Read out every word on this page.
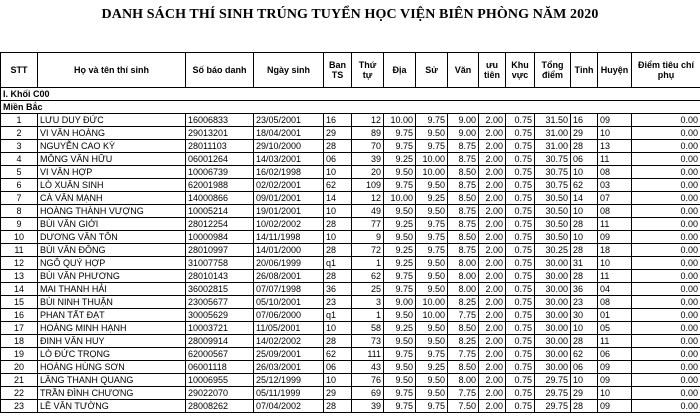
DANH SÁCH THÍ SINH TRÚNG TUYỂN HỌC VIỆN BIÊN PHÒNG NĂM 2020
STT	Họ và tên thí sinh	Số báo danh	Ngày sinh	Ban TS	Thứ tự	Địa	Sử	Văn	ưu tiên	Khu vực	Tổng điểm	Tỉnh	Huyện	Điểm tiêu chí phụ
I. Khối C00														
Miền Bắc														
1	LƯU DUY ĐỨC	16006833	23/05/2001	16	12	10.00	9.75	9.00	2.00	0.75	31.50	16	09	0.00
2	VI VĂN HOÀNG	29013201	18/04/2001	29	89	9.75	9.50	9.00	2.00	0.75	31.00	29	10	0.00
3	NGUYỄN CAO KỲ	28011103	29/10/2000	28	70	9.75	9.75	8.75	2.00	0.75	31.00	28	13	0.00
4	MÔNG VĂN HỮU	06001264	14/03/2001	06	39	9.25	10.00	8.75	2.00	0.75	30.75	06	11	0.00
5	VI VĂN HỢP	10006739	16/02/1998	10	20	9.50	10.00	8.50	2.00	0.75	30.75	10	08	0.00
6	LÒ XUÂN SINH	62001988	02/02/2001	62	109	9.75	9.50	8.75	2.00	0.75	30.75	62	03	0.00
7	CÀ VĂN MẠNH	14000866	09/01/2001	14	12	10.00	9.25	8.50	2.00	0.75	30.50	14	07	0.00
8	HOÀNG THÀNH VƯỢNG	10005214	19/01/2001	10	49	9.50	9.50	8.75	2.00	0.75	30.50	10	08	0.00
9	BÙI VĂN GIỚI	28012254	10/02/2002	28	77	9.25	9.75	8.75	2.00	0.75	30.50	28	11	0.00
10	DƯƠNG VĂN TÔN	10000984	14/11/1998	10	9	9.50	9.75	8.50	2.00	0.75	30.50	10	09	0.00
11	BÙI VĂN ĐÔNG	28010997	14/01/2000	28	72	9.25	9.75	8.75	2.00	0.75	30.25	28	18	0.00
12	NGÔ QUÝ HỢP	31007758	20/06/1999	q1	1	9.25	9.50	8.00	2.00	0.75	30.00	31	10	0.00
13	BÙI VĂN PHƯƠNG	28010143	26/08/2001	28	62	9.75	9.50	8.00	2.00	0.75	30.00	28	11	0.00
14	MAI THANH HẢI	36002815	07/07/1998	36	25	9.75	9.50	8.00	2.00	0.75	30.00	36	04	0.00
15	BÙI NINH THUẬN	23005677	05/10/2001	23	3	9.00	10.00	8.25	2.00	0.75	30.00	23	08	0.00
16	PHAN TẤT ĐẠT	30005629	07/06/2000	q1	1	9.50	10.00	7.75	2.00	0.75	30.00	30	01	0.00
17	HOÀNG MINH HẠNH	10003721	11/05/2001	10	58	9.25	9.50	8.50	2.00	0.75	30.00	10	05	0.00
18	ĐINH VĂN HUY	28009914	14/02/2002	28	73	9.50	9.50	8.25	2.00	0.75	30.00	28	11	0.00
19	LÒ ĐỨC TRỌNG	62000567	25/09/2001	62	111	9.75	9.75	7.75	2.00	0.75	30.00	62	06	0.00
20	HOÀNG HÙNG SƠN	06001118	26/03/2001	06	43	9.50	9.25	8.50	2.00	0.75	30.00	06	09	0.00
21	LĂNG THANH QUANG	10006955	25/12/1999	10	76	9.50	9.50	8.00	2.00	0.75	29.75	10	09	0.00
22	TRẦN ĐÌNH CHƯƠNG	29022070	05/11/1999	29	69	9.75	9.50	7.75	2.00	0.75	29.75	29	10	0.00
23	LÊ VĂN TƯỜNG	28008262	07/04/2002	28	39	9.75	9.75	7.50	2.00	0.75	29.75	28	09	0.00
